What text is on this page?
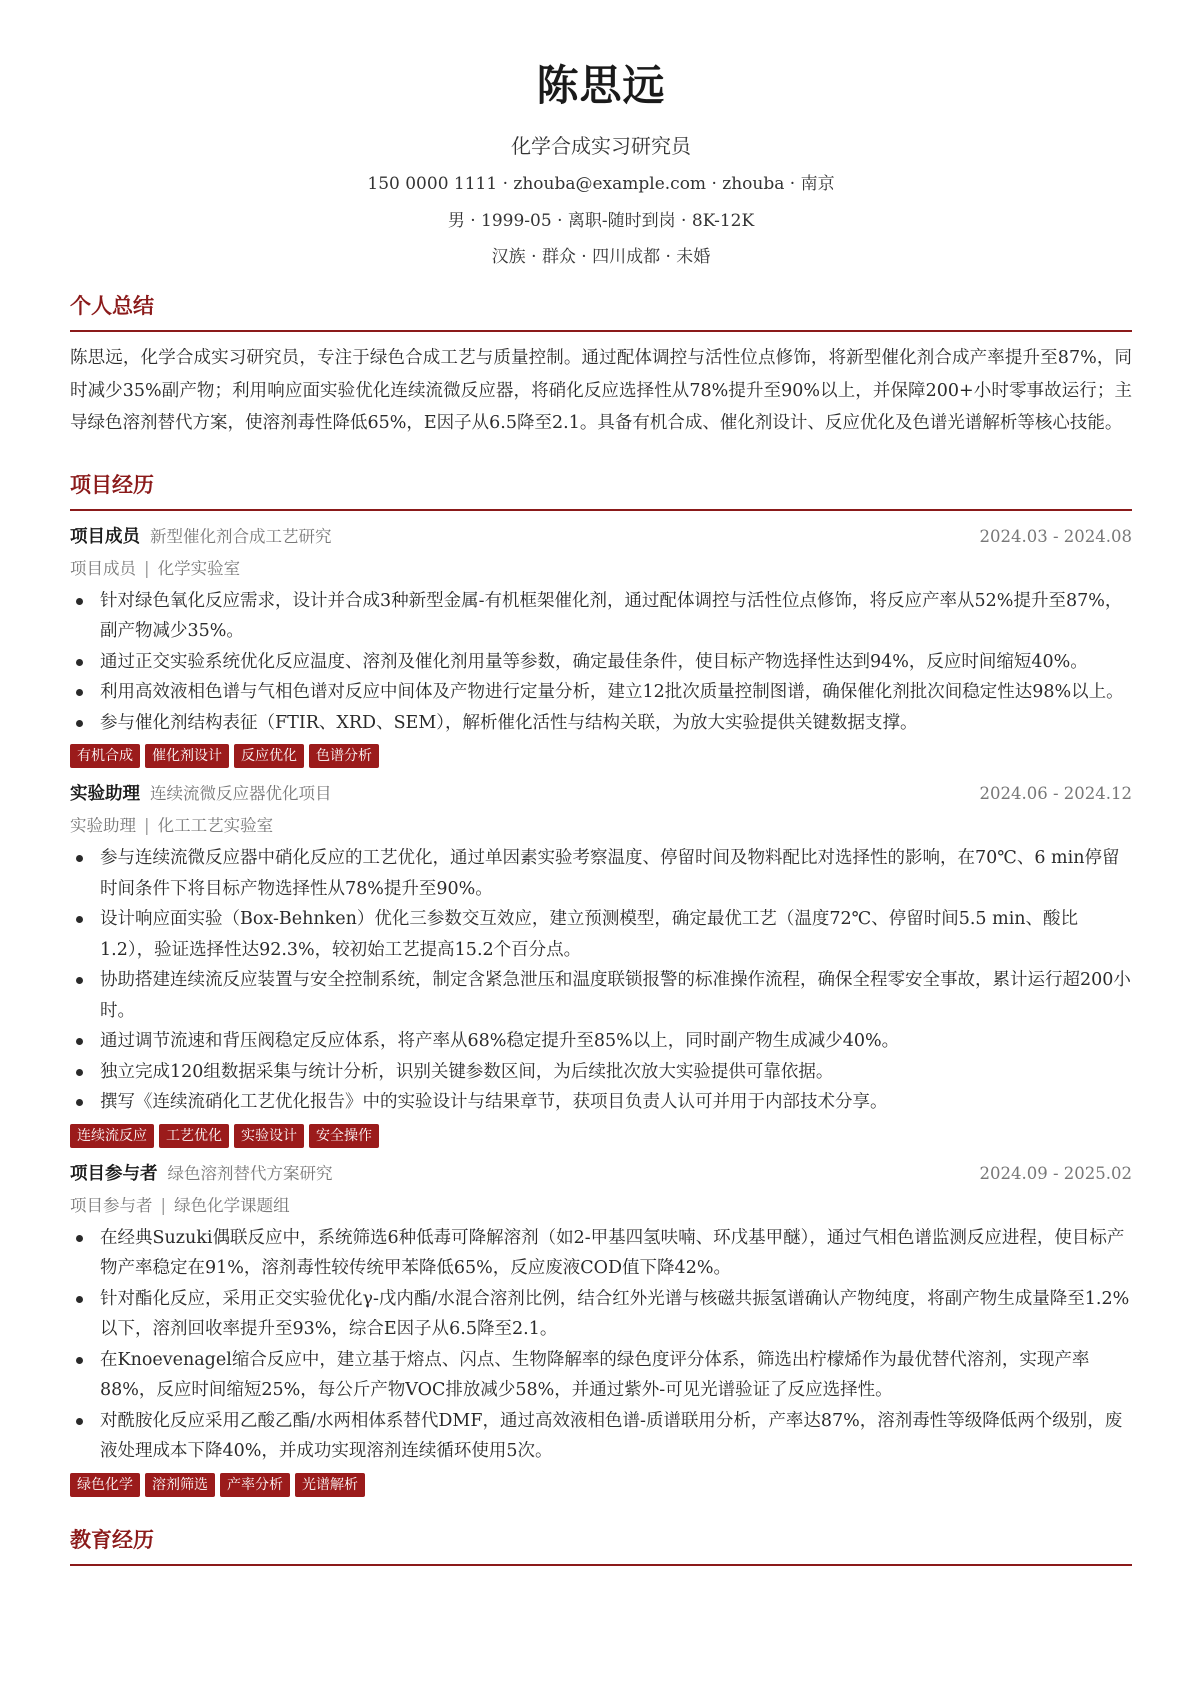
陈思远
化学合成实习研究员
150 0000 1111 · zhouba@example.com · zhouba · 南京
男 · 1999-05 · 离职-随时到岗 · 8K-12K
汉族 · 群众 · 四川成都 · 未婚
个人总结
陈思远，化学合成实习研究员，专注于绿色合成工艺与质量控制。通过配体调控与活性位点修饰，将新型催化剂合成产率提升至87%，同时减少35%副产物；利用响应面实验优化连续流微反应器，将硝化反应选择性从78%提升至90%以上，并保障200+小时零事故运行；主导绿色溶剂替代方案，使溶剂毒性降低65%，E因子从6.5降至2.1。具备有机合成、催化剂设计、反应优化及色谱光谱解析等核心技能。
项目经历
项目成员 新型催化剂合成工艺研究	2024.03 - 2024.08
项目成员 | 化学实验室
针对绿色氧化反应需求，设计并合成3种新型金属-有机框架催化剂，通过配体调控与活性位点修饰，将反应产率从52%提升至87%，副产物减少35%。
通过正交实验系统优化反应温度、溶剂及催化剂用量等参数，确定最佳条件，使目标产物选择性达到94%，反应时间缩短40%。
利用高效液相色谱与气相色谱对反应中间体及产物进行定量分析，建立12批次质量控制图谱，确保催化剂批次间稳定性达98%以上。
参与催化剂结构表征（FTIR、XRD、SEM），解析催化活性与结构关联，为放大实验提供关键数据支撑。
有机合成	催化剂设计	反应优化	色谱分析
实验助理 连续流微反应器优化项目	2024.06 - 2024.12
实验助理 | 化工工艺实验室
参与连续流微反应器中硝化反应的工艺优化，通过单因素实验考察温度、停留时间及物料配比对选择性的影响，在70℃、6 min停留时间条件下将目标产物选择性从78%提升至90%。
设计响应面实验（Box-Behnken）优化三参数交互效应，建立预测模型，确定最优工艺（温度72℃、停留时间5.5 min、酸比1.2），验证选择性达92.3%，较初始工艺提高15.2个百分点。
协助搭建连续流反应装置与安全控制系统，制定含紧急泄压和温度联锁报警的标准操作流程，确保全程零安全事故，累计运行超200小时。
通过调节流速和背压阀稳定反应体系，将产率从68%稳定提升至85%以上，同时副产物生成减少40%。
独立完成120组数据采集与统计分析，识别关键参数区间，为后续批次放大实验提供可靠依据。
撰写《连续流硝化工艺优化报告》中的实验设计与结果章节，获项目负责人认可并用于内部技术分享。
连续流反应	工艺优化	实验设计	安全操作
项目参与者 绿色溶剂替代方案研究	2024.09 - 2025.02
项目参与者 | 绿色化学课题组
在经典Suzuki偶联反应中，系统筛选6种低毒可降解溶剂（如2-甲基四氢呋喃、环戊基甲醚），通过气相色谱监测反应进程，使目标产物产率稳定在91%，溶剂毒性较传统甲苯降低65%，反应废液COD值下降42%。
针对酯化反应，采用正交实验优化γ-戊内酯/水混合溶剂比例，结合红外光谱与核磁共振氢谱确认产物纯度，将副产物生成量降至1.2%以下，溶剂回收率提升至93%，综合E因子从6.5降至2.1。
在Knoevenagel缩合反应中，建立基于熔点、闪点、生物降解率的绿色度评分体系，筛选出柠檬烯作为最优替代溶剂，实现产率88%，反应时间缩短25%，每公斤产物VOC排放减少58%，并通过紫外-可见光谱验证了反应选择性。
对酰胺化反应采用乙酸乙酯/水两相体系替代DMF，通过高效液相色谱-质谱联用分析，产率达87%，溶剂毒性等级降低两个级别，废液处理成本下降40%，并成功实现溶剂连续循环使用5次。
绿色化学	溶剂筛选	产率分析	光谱解析
教育经历
